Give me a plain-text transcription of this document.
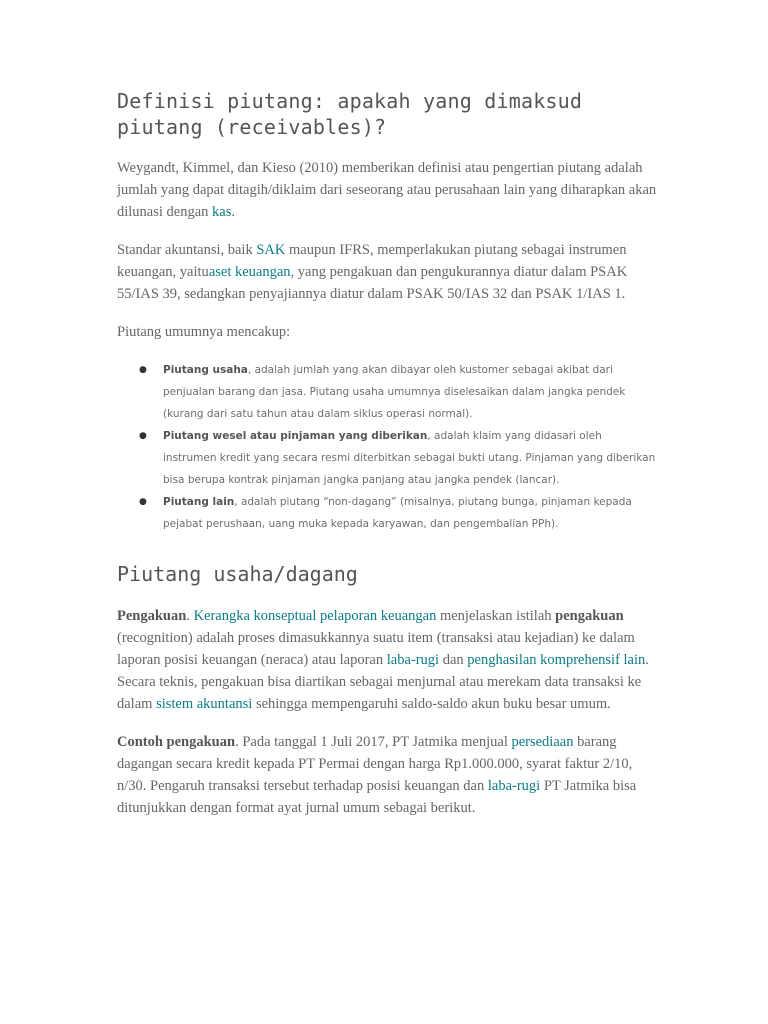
Definisi piutang: apakah yang dimaksud piutang (receivables)?

Weygandt, Kimmel, dan Kieso (2010) memberikan definisi atau pengertian piutang adalah jumlah yang dapat ditagih/diklaim dari seseorang atau perusahaan lain yang diharapkan akan dilunasi dengan kas.

Standar akuntansi, baik SAK maupun IFRS, memperlakukan piutang sebagai instrumen keuangan, yaituaset keuangan, yang pengakuan dan pengukurannya diatur dalam PSAK 55/IAS 39, sedangkan penyajiannya diatur dalam PSAK 50/IAS 32 dan PSAK 1/IAS 1.

Piutang umumnya mencakup:

● Piutang usaha, adalah jumlah yang akan dibayar oleh kustomer sebagai akibat dari penjualan barang dan jasa. Piutang usaha umumnya diselesaikan dalam jangka pendek (kurang dari satu tahun atau dalam siklus operasi normal).
● Piutang wesel atau pinjaman yang diberikan, adalah klaim yang didasari oleh instrumen kredit yang secara resmi diterbitkan sebagai bukti utang. Pinjaman yang diberikan bisa berupa kontrak pinjaman jangka panjang atau jangka pendek (lancar).
● Piutang lain, adalah piutang “non-dagang” (misalnya, piutang bunga, pinjaman kepada pejabat perushaan, uang muka kepada karyawan, dan pengembalian PPh).
Piutang usaha/dagang

Pengakuan. Kerangka konseptual pelaporan keuangan menjelaskan istilah pengakuan (recognition) adalah proses dimasukkannya suatu item (transaksi atau kejadian) ke dalam laporan posisi keuangan (neraca) atau laporan laba-rugi dan penghasilan komprehensif lain. Secara teknis, pengakuan bisa diartikan sebagai menjurnal atau merekam data transaksi ke dalam sistem akuntansi sehingga mempengaruhi saldo-saldo akun buku besar umum.

Contoh pengakuan. Pada tanggal 1 Juli 2017, PT Jatmika menjual persediaan barang dagangan secara kredit kepada PT Permai dengan harga Rp1.000.000, syarat faktur 2/10, n/30. Pengaruh transaksi tersebut terhadap posisi keuangan dan laba-rugi PT Jatmika bisa ditunjukkan dengan format ayat jurnal umum sebagai berikut.
